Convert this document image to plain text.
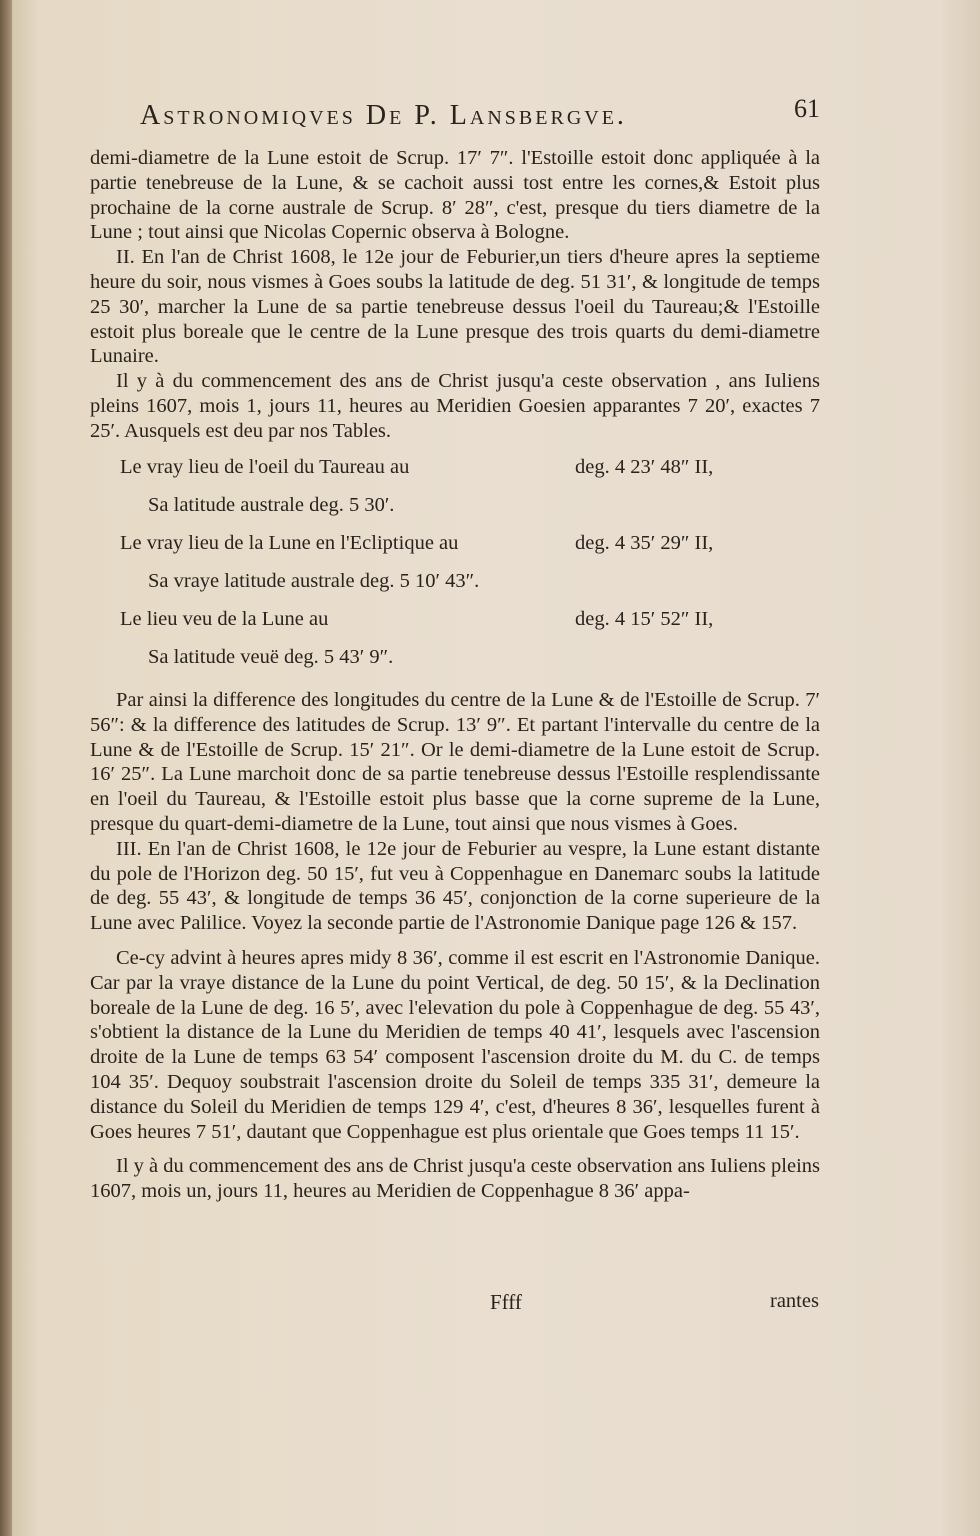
Astronomiqves De P. Lansbergve.	61

demi-diametre de la Lune estoit de Scrup. 17′ 7″. l'Estoille estoit donc appliquée à la partie tenebreuse de la Lune, & se cachoit aussi tost entre les cornes,& Estoit plus prochaine de la corne australe de Scrup. 8′ 28″, c'est, presque du tiers diametre de la Lune ; tout ainsi que Nicolas Copernic observa à Bologne.

II. En l'an de Christ 1608, le 12e jour de Feburier,un tiers d'heure apres la septieme heure du soir, nous vismes à Goes soubs la latitude de deg. 51 31′, & longitude de temps 25 30′, marcher la Lune de sa partie tenebreuse dessus l'oeil du Taureau;& l'Estoille estoit plus boreale que le centre de la Lune presque des trois quarts du demi-diametre Lunaire.

Il y à du commencement des ans de Christ jusqu'a ceste observation , ans Iuliens pleins 1607, mois 1, jours 11, heures au Meridien Goesien apparantes 7 20′, exactes 7 25′. Ausquels est deu par nos Tables.

Le vray lieu de l'oeil du Taureau au	deg. 4 23′ 48″ II,
Sa latitude australe deg. 5 30′.
Le vray lieu de la Lune en l'Ecliptique au	deg. 4 35′ 29″ II,
Sa vraye latitude australe deg. 5 10′ 43″.
Le lieu veu de la Lune au	deg. 4 15′ 52″ II,
Sa latitude veuë deg. 5 43′ 9″.

Par ainsi la difference des longitudes du centre de la Lune & de l'Estoille de Scrup. 7′ 56″: & la difference des latitudes de Scrup. 13′ 9″. Et partant l'intervalle du centre de la Lune & de l'Estoille de Scrup. 15′ 21″. Or le demi-diametre de la Lune estoit de Scrup. 16′ 25″. La Lune marchoit donc de sa partie tenebreuse dessus l'Estoille resplendissante en l'oeil du Taureau, & l'Estoille estoit plus basse que la corne supreme de la Lune, presque du quart-demi-diametre de la Lune, tout ainsi que nous vismes à Goes.

III. En l'an de Christ 1608, le 12e jour de Feburier au vespre, la Lune estant distante du pole de l'Horizon deg. 50 15′, fut veu à Coppenhague en Danemarc soubs la latitude de deg. 55 43′, & longitude de temps 36 45′, conjonction de la corne superieure de la Lune avec Palilice. Voyez la seconde partie de l'Astronomie Danique page 126 & 157.

Ce-cy advint à heures apres midy 8 36′, comme il est escrit en l'Astronomie Danique. Car par la vraye distance de la Lune du point Vertical, de deg. 50 15′, & la Declination boreale de la Lune de deg. 16 5′, avec l'elevation du pole à Coppenhague de deg. 55 43′, s'obtient la distance de la Lune du Meridien de temps 40 41′, lesquels avec l'ascension droite de la Lune de temps 63 54′ composent l'ascension droite du M. du C. de temps 104 35′. Dequoy soubstrait l'ascension droite du Soleil de temps 335 31′, demeure la distance du Soleil du Meridien de temps 129 4′, c'est, d'heures 8 36′, lesquelles furent à Goes heures 7 51′, dautant que Coppenhague est plus orientale que Goes temps 11 15′.

Il y à du commencement des ans de Christ jusqu'a ceste observation ans Iuliens pleins 1607, mois un, jours 11, heures au Meridien de Coppenhague 8 36′ appa-

Ffff	rantes
